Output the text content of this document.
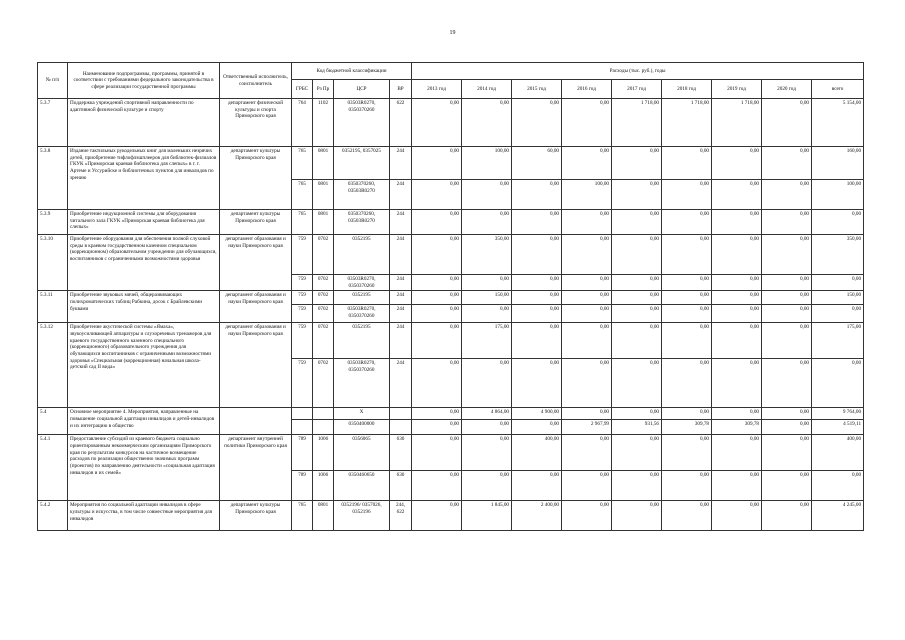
19
№ п/п	Наименование подпрограммы, программы, принятой в соответствии с требованиями федерального законодательства в сфере реализации государственной программы	Ответственный исполнитель, соисполнитель	Код бюджетной классификации				Расходы (тыс. руб.), годы								
			ГРБС	Рз Пр	ЦСР	ВР	2013 год	2014 год	2015 год	2016 год	2017 год	2018 год	2019 год	2020 год	всего
5.3.7	Поддержка учреждений спортивной направленности по адаптивной физической культуре и спорту	департамент физической культуры и спорта Приморского края	764	1102	03503R0270, 0350370260	622	0,00	0,00	0,00	0,00	1 718,00	1 718,00	1 718,00	0,00	5 154,00
5.3.8	Издание тактильных рукодельных книг для маленьких незрячих детей, приобретение тифлофлэшплееров для библиотек-филиалов ГКУК «Приморская краевая библиотека для слепых» в г. г. Артеме и Уссурийске и библиотечных пунктов для инвалидов по зрению	департамент культуры Приморского края	765	0801	0352195, 0357025	244	0,00	100,00	60,00	0,00	0,00	0,00	0,00	0,00	160,00
			765	0801	0350370260, 03503R0270	244	0,00	0,00	0,00	100,00	0,00	0,00	0,00	0,00	100,00
5.3.9	Приобретение индукционной системы для оборудования читального зала ГКУК «Приморская краевая библиотека для слепых»	департамент культуры Приморского края	765	0801	0350370260, 03503R0270	244	0,00	0,00	0,00	0,00	0,00	0,00	0,00	0,00	0,00
5.3.10	Приобретение оборудования для обеспечения полной слуховой среды в краевом государственном казенном специальном (коррекционном) образовательном учреждении для обучающихся, воспитанников с ограниченными возможностями здоровья	департамент образования и науки Приморского края	759	0702	0352195	244	0,00	350,00	0,00	0,00	0,00	0,00	0,00	0,00	350,00
			759	0702	03503R0270, 0350370260	244	0,00	0,00	0,00	0,00	0,00	0,00	0,00	0,00	0,00
5.3.11	Приобретение звуковых мячей, общеразвивающих полихроматических таблиц Рабкина, досок с Брайлевскими буквами	департамент образования и науки Приморского края	759	0702	0352195	244	0,00	150,00	0,00	0,00	0,00	0,00	0,00	0,00	150,00
			759	0702	03503R0270, 0350370260	244	0,00	0,00	0,00	0,00	0,00	0,00	0,00	0,00	0,00
5.3.12	Приобретение акустической системы «Ямаха», звукоусиливающей аппаратуры и слухоречевых тренажеров для краевого государственного казенного специального (коррекционного) образовательного учреждения для обучающихся воспитанников с ограниченными возможностями здоровья «Специальная (коррекционная) начальная школа-детский сад II вида»	департамент образования и науки Приморского края	759	0702	0352195	244	0,00	175,00	0,00	0,00	0,00	0,00	0,00	0,00	175,00
			759	0702	03503R0270, 0350370260	244	0,00	0,00	0,00	0,00	0,00	0,00	0,00	0,00	0,00
5.4	Основное мероприятие 4. Мероприятия, направленные на повышение социальной адаптации инвалидов и детей-инвалидов и их интеграцию в общество				X		0,00	4 864,00	4 900,00	0,00	0,00	0,00	0,00	0,00	9 764,00
					0350400000		0,00	0,00	0,00	2 967,99	931,56	309,78	309,78	0,00	4 519,11
5.4.1	Предоставление субсидий из краевого бюджета социально ориентированным некоммерческим организациям Приморского края по результатам конкурсов на частичное возмещение расходов по реализации общественно значимых программ (проектов) по направлению деятельности «социальная адаптация инвалидов и их семей»	департамент внутренней политики Приморского края	789	1006	0356065	630	0,00	0,00	400,00	0,00	0,00	0,00	0,00	0,00	400,00
			789	1006	0350460650	630	0,00	0,00	0,00	0,00	0,00	0,00	0,00	0,00	0,00
5.4.2	Мероприятия по социальной адаптации инвалидов в сфере культуры и искусства, в том числе совместные мероприятия для инвалидов	департамент культуры Приморского края	765	0801	0352196/ 0357026, 0352196	244, 622	0,00	1 845,00	2 400,00	0,00	0,00	0,00	0,00	0,00	4 245,00
